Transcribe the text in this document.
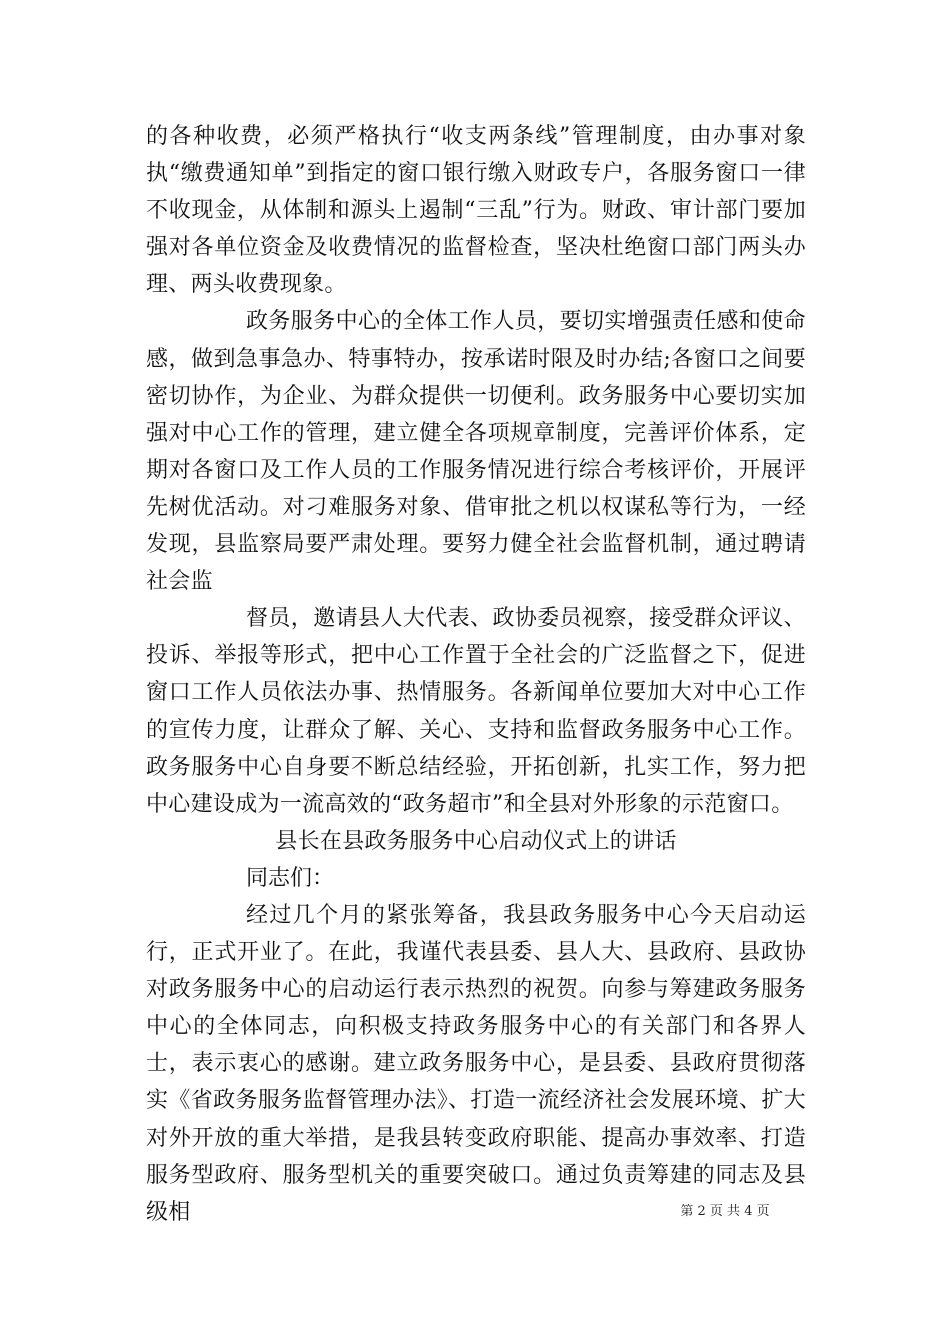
的各种收费，必须严格执行“收支两条线”管理制度，由办事对象执“缴费通知单”到指定的窗口银行缴入财政专户，各服务窗口一律不收现金，从体制和源头上遏制“三乱”行为。财政、审计部门要加强对各单位资金及收费情况的监督检查，坚决杜绝窗口部门两头办理、两头收费现象。

政务服务中心的全体工作人员，要切实增强责任感和使命感，做到急事急办、特事特办，按承诺时限及时办结;各窗口之间要密切协作，为企业、为群众提供一切便利。政务服务中心要切实加强对中心工作的管理，建立健全各项规章制度，完善评价体系，定期对各窗口及工作人员的工作服务情况进行综合考核评价，开展评先树优活动。对刁难服务对象、借审批之机以权谋私等行为，一经发现，县监察局要严肃处理。要努力健全社会监督机制，通过聘请社会监

督员，邀请县人大代表、政协委员视察，接受群众评议、投诉、举报等形式，把中心工作置于全社会的广泛监督之下，促进窗口工作人员依法办事、热情服务。各新闻单位要加大对中心工作的宣传力度，让群众了解、关心、支持和监督政务服务中心工作。政务服务中心自身要不断总结经验，开拓创新，扎实工作，努力把中心建设成为一流高效的“政务超市”和全县对外形象的示范窗口。

县长在县政务服务中心启动仪式上的讲话

同志们：

经过几个月的紧张筹备，我县政务服务中心今天启动运行，正式开业了。在此，我谨代表县委、县人大、县政府、县政协对政务服务中心的启动运行表示热烈的祝贺。向参与筹建政务服务中心的全体同志，向积极支持政务服务中心的有关部门和各界人士，表示衷心的感谢。建立政务服务中心，是县委、县政府贯彻落实《省政务服务监督管理办法》、打造一流经济社会发展环境、扩大对外开放的重大举措，是我县转变政府职能、提高办事效率、打造服务型政府、服务型机关的重要突破口。通过负责筹建的同志及县级相	第 2 页 共 4 页
